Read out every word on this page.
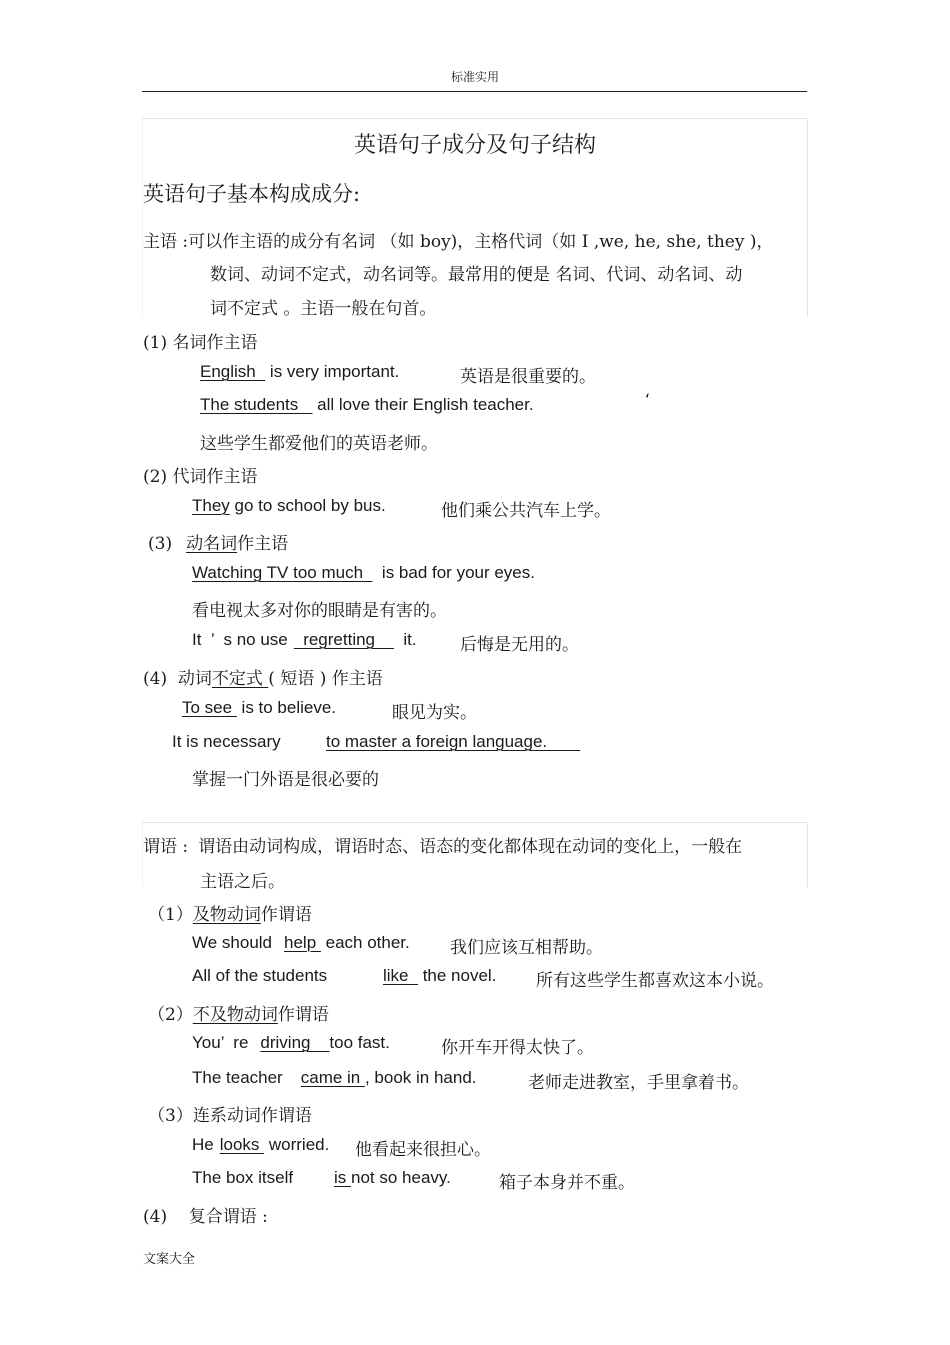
标准实用
英语句子成分及句子结构
英语句子基本构成成分:
主语 :可以作主语的成分有名词 （如 boy)，主格代词（如 I ,we, he, she, they )，
数词、动词不定式，动名词等。最常用的便是 名词、代词、动名词、动
词不定式 。主语一般在句首。
(1) 名词作主语
English   is very important.	英语是很重要的。
The students    all love their English teacher.	‘
这些学生都爱他们的英语老师。
(2) 代词作主语
They go to school by bus.	他们乘公共汽车上学。
(3) 动名词作主语
Watching TV too much    is bad for your eyes.
看电视太多对你的眼睛是有害的。
It  ’  s no use  regretting      it.	后悔是无用的。
(4)  动词不定式 ( 短语 ) 作主语
To see  is to believe.	眼见为实。
It is necessary	to master a foreign language.
掌握一门外语是很必要的
谓语 : 谓语由动词构成，谓语时态、语态的变化都体现在动词的变化上，一般在
主语之后。
（1）及物动词作谓语
We should help  each other. 我们应该互相帮助。
All of the students	like   the novel. 所有这些学生都喜欢这本小说。
（2）不及物动词作谓语
You’  re driving    too fast.	你开车开得太快了。
The teacher came in , book in hand.	老师走进教室，手里拿着书。
（3）连系动词作谓语
He looks  worried. 他看起来很担心。
The box itself is not so heavy.	箱子本身并不重。
(4)    复合谓语 :
文案大全
